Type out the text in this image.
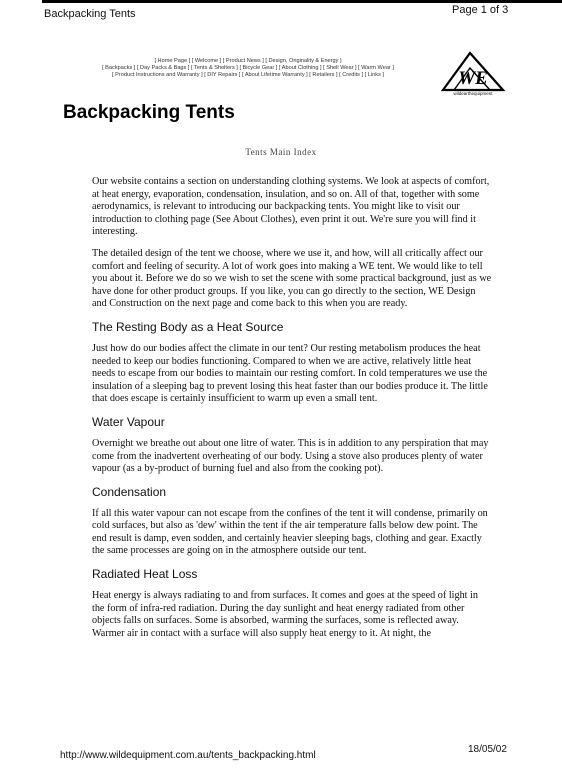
Backpacking Tents	Page 1 of 3
[ Home Page ] [ Welcome ] [ Product News ] [ Design, Originality & Energy ]
[ Backpacks ] [ Day Packs & Bags ] [ Tents & Shelters ] [ Bicycle Gear ] [ About Clothing ] [ Shell Wear ] [ Warm Wear ]
[ Product Instructions and Warranty ] [ DIY Repairs ] [ About Lifetime Warranty ] [ Retailers ] [ Credits ] [ Links ]	WE
wildearthequipment
Backpacking Tents
Tents Main Index

Our website contains a section on understanding clothing systems. We look at aspects of comfort, at heat energy, evaporation, condensation, insulation, and so on. All of that, together with some aerodynamics, is relevant to introducing our backpacking tents. You might like to visit our introduction to clothing page (See About Clothes), even print it out. We're sure you will find it interesting.

The detailed design of the tent we choose, where we use it, and how, will all critically affect our comfort and feeling of security. A lot of work goes into making a WE tent. We would like to tell you about it. Before we do so we wish to set the scene with some practical background, just as we have done for other product groups. If you like, you can go directly to the section, WE Design and Construction on the next page and come back to this when you are ready.

The Resting Body as a Heat Source

Just how do our bodies affect the climate in our tent? Our resting metabolism produces the heat needed to keep our bodies functioning. Compared to when we are active, relatively little heat needs to escape from our bodies to maintain our resting comfort. In cold temperatures we use the insulation of a sleeping bag to prevent losing this heat faster than our bodies produce it. The little that does escape is certainly insufficient to warm up even a small tent.

Water Vapour

Overnight we breathe out about one litre of water. This is in addition to any perspiration that may come from the inadvertent overheating of our body. Using a stove also produces plenty of water vapour (as a by-product of burning fuel and also from the cooking pot).

Condensation

If all this water vapour can not escape from the confines of the tent it will condense, primarily on cold surfaces, but also as 'dew' within the tent if the air temperature falls below dew point. The end result is damp, even sodden, and certainly heavier sleeping bags, clothing and gear. Exactly the same processes are going on in the atmosphere outside our tent.

Radiated Heat Loss

Heat energy is always radiating to and from surfaces. It comes and goes at the speed of light in the form of infra-red radiation. During the day sunlight and heat energy radiated from other objects falls on surfaces. Some is absorbed, warming the surfaces, some is reflected away. Warmer air in contact with a surface will also supply heat energy to it. At night, the

http://www.wildequipment.com.au/tents_backpacking.html
18/05/02
